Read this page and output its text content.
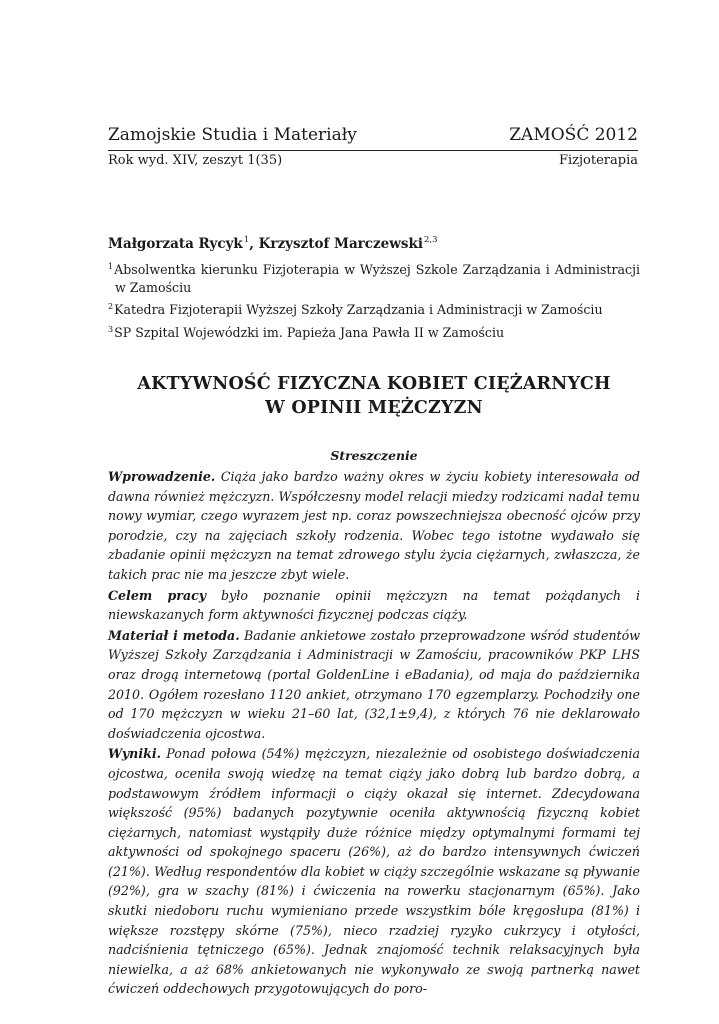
Zamojskie Studia i Materiały	ZAMOŚĆ 2012
Rok wyd. XIV, zeszyt 1(35)	Fizjoterapia
Małgorzata Rycyk$^1$, Krzysztof Marczewski$^{2,3}$

$^1$Absolwentka kierunku Fizjoterapia w Wyższej Szkole Zarządzania i Administracji w Zamościu

$^2$Katedra Fizjoterapii Wyższej Szkoły Zarządzania i Administracji w Zamościu

$^3$SP Szpital Wojewódzki im. Papieża Jana Pawła II w Zamościu

AKTYWNOŚĆ FIZYCZNA KOBIET CIĘŻARNYCH
W OPINII MĘŻCZYZN
Streszczenie

Wprowadzenie. Ciąża jako bardzo ważny okres w życiu kobiety interesowała od dawna również mężczyzn. Współczesny model relacji miedzy rodzicami nadał temu nowy wymiar, czego wyrazem jest np. coraz powszechniejsza obecność ojców przy porodzie, czy na zajęciach szkoły rodzenia. Wobec tego istotne wydawało się zbadanie opinii mężczyzn na temat zdrowego stylu życia ciężarnych, zwłaszcza, że takich prac nie ma jeszcze zbyt wiele.

Celem pracy było poznanie opinii mężczyzn na temat pożądanych i niewskazanych form aktywności fizycznej podczas ciąży.

Materiał i metoda. Badanie ankietowe zostało przeprowadzone wśród studentów Wyższej Szkoły Zarządzania i Administracji w Zamościu, pracowników PKP LHS oraz drogą internetową (portal GoldenLine i eBadania), od maja do października 2010. Ogółem rozesłano 1120 ankiet, otrzymano 170 egzemplarzy. Pochodziły one od 170 mężczyzn w wieku 21–60 lat, (32,1±9,4), z których 76 nie deklarowało doświadczenia ojcostwa.

Wyniki. Ponad połowa (54%) mężczyzn, niezależnie od osobistego doświadczenia ojcostwa, oceniła swoją wiedzę na temat ciąży jako dobrą lub bardzo dobrą, a podstawowym źródłem informacji o ciąży okazał się internet. Zdecydowana większość (95%) badanych pozytywnie oceniła aktywnością fizyczną kobiet ciężarnych, natomiast wystąpiły duże różnice między optymalnymi formami tej aktywności od spokojnego spaceru (26%), aż do bardzo intensywnych ćwiczeń (21%). Według respondentów dla kobiet w ciąży szczególnie wskazane są pływanie (92%), gra w szachy (81%) i ćwiczenia na rowerku stacjonarnym (65%). Jako skutki niedoboru ruchu wymieniano przede wszystkim bóle kręgosłupa (81%) i większe rozstępy skórne (75%), nieco rzadziej ryzyko cukrzycy i otyłości, nadciśnienia tętniczego (65%). Jednak znajomość technik relaksacyjnych była niewielka, a aż 68% ankietowanych nie wykonywało ze swoją partnerką nawet ćwiczeń oddechowych przygotowujących do poro-
